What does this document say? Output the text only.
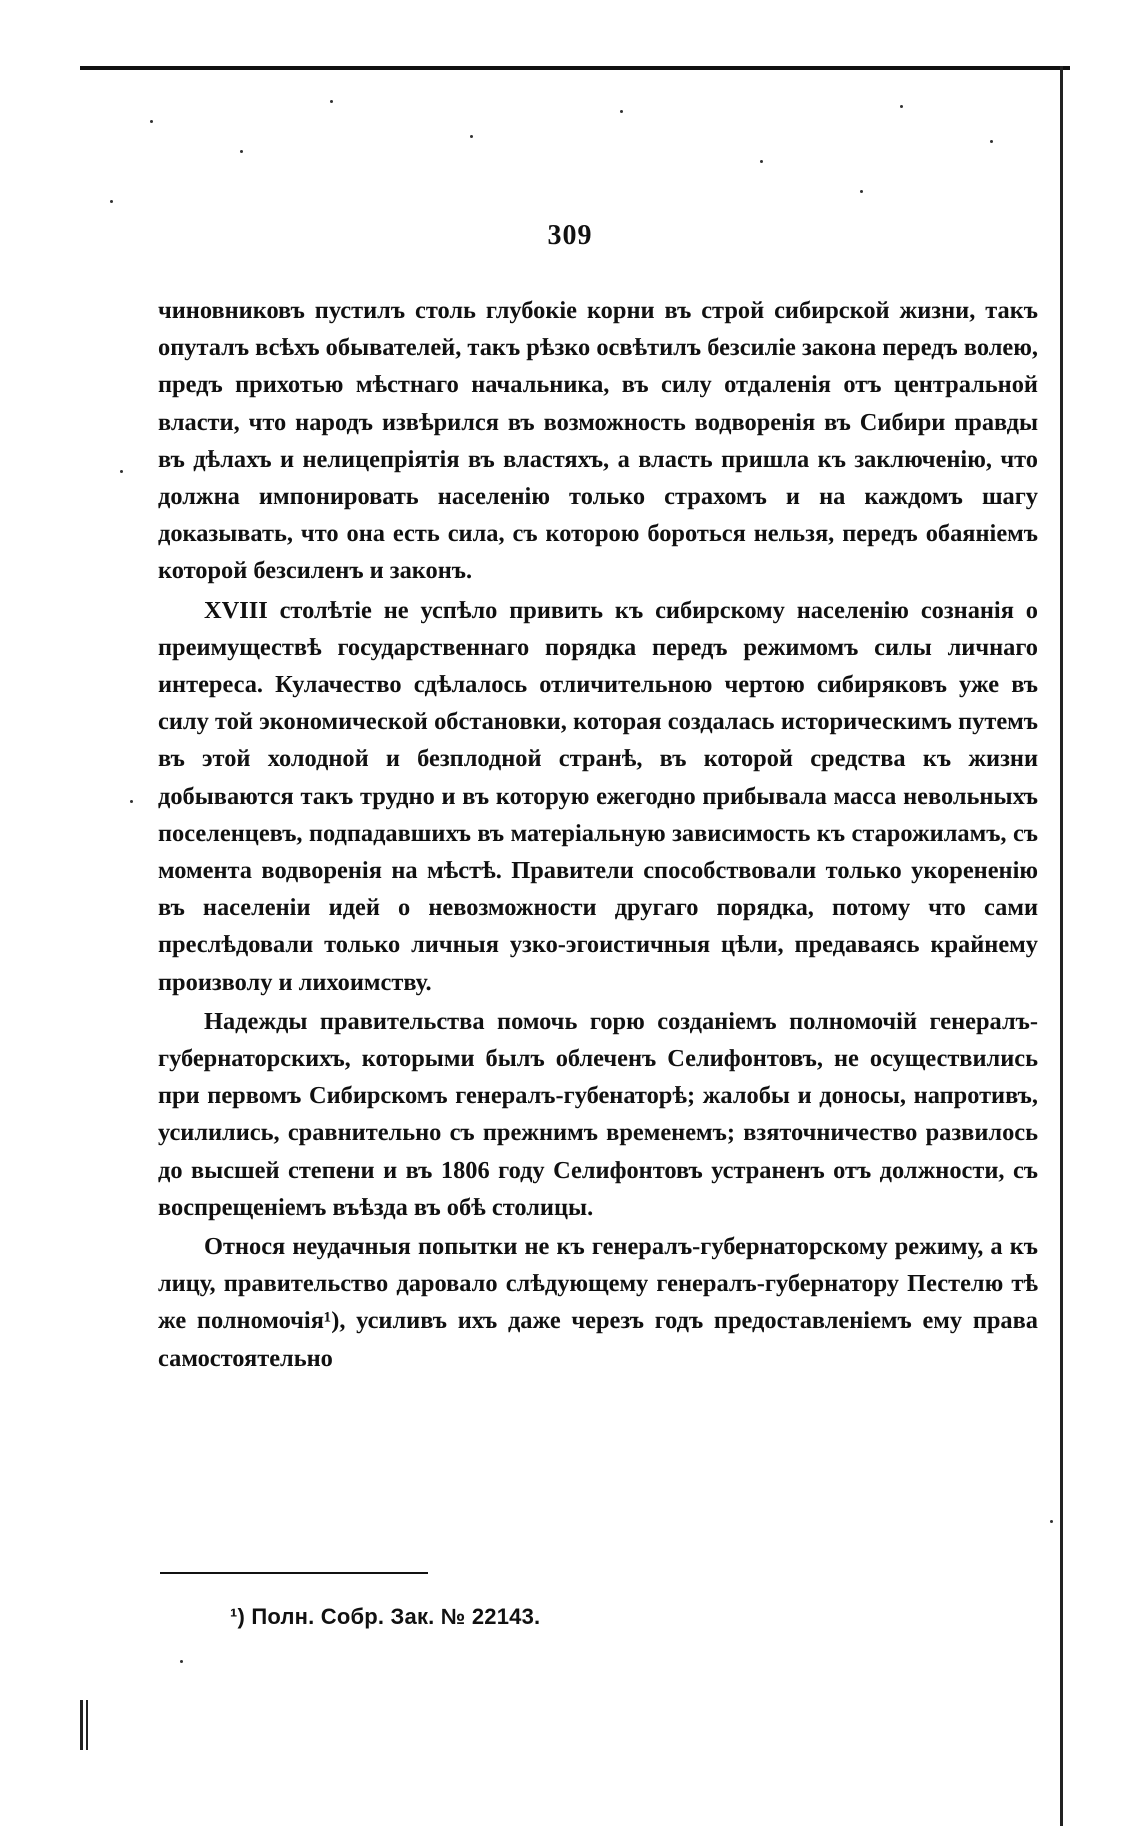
309

чиновниковъ пустилъ столь глубокіе корни въ строй сибирской жизни, такъ опуталъ всѣхъ обывателей, такъ рѣзко освѣтилъ безсиліе закона передъ волею, предъ прихотью мѣстнаго начальника, въ силу отдаленія отъ центральной власти, что народъ извѣрился въ возможность водворенія въ Сибири правды въ дѣлахъ и нелицепріятія въ властяхъ, а власть пришла къ заключенію, что должна импонировать населенію только страхомъ и на каждомъ шагу доказывать, что она есть сила, съ которою бороться нельзя, передъ обаяніемъ которой безсиленъ и законъ.

XVIII столѣтіе не успѣло привить къ сибирскому населенію сознанія о преимуществѣ государственнаго порядка передъ режимомъ силы личнаго интереса. Кулачество сдѣлалось отличительною чертою сибиряковъ уже въ силу той экономической обстановки, которая создалась историческимъ путемъ въ этой холодной и безплодной странѣ, въ которой средства къ жизни добываются такъ трудно и въ которую ежегодно прибывала масса невольныхъ поселенцевъ, подпадавшихъ въ матеріальную зависимость къ старожиламъ, съ момента водворенія на мѣстѣ. Правители способствовали только укорененію въ населеніи идей о невозможности другаго порядка, потому что сами преслѣдовали только личныя узко-эгоистичныя цѣли, предаваясь крайнему произволу и лихоимству.

Надежды правительства помочь горю созданіемъ полномочій генералъ-губернаторскихъ, которыми былъ облеченъ Селифонтовъ, не осуществились при первомъ Сибирскомъ генералъ-губенаторѣ; жалобы и доносы, напротивъ, усилились, сравнительно съ прежнимъ временемъ; взяточничество развилось до высшей степени и въ 1806 году Селифонтовъ устраненъ отъ должности, съ воспрещеніемъ въѣзда въ обѣ столицы.

Относя неудачныя попытки не къ генералъ-губернаторскому режиму, а къ лицу, правительство даровало слѣдующему генералъ-губернатору Пестелю тѣ же полномочія¹), усиливъ ихъ даже черезъ годъ предоставленіемъ ему права самостоятельно

¹) Полн. Собр. Зак. № 22143.
